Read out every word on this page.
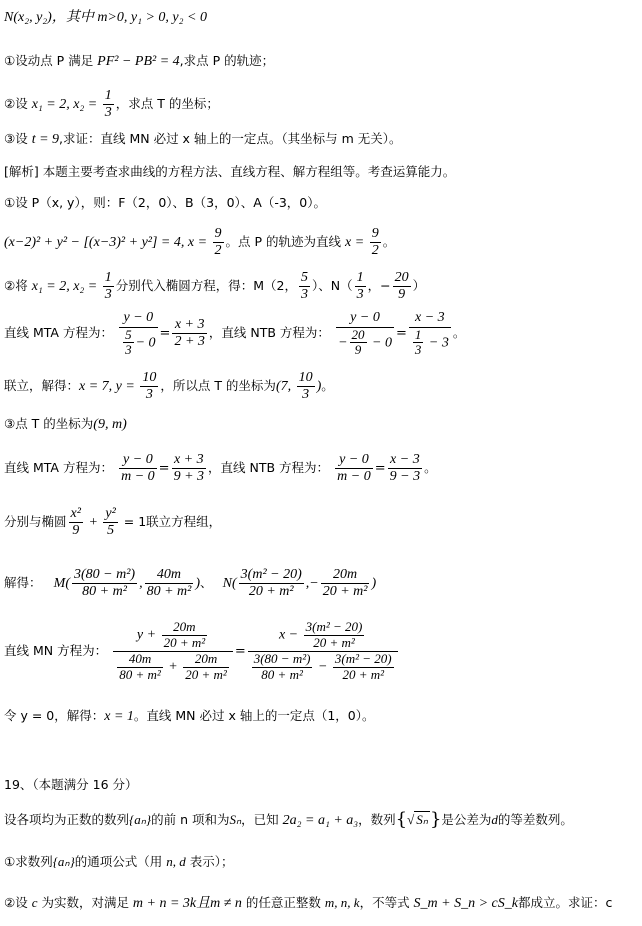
N(x₂, y₂)，其中 m>0, y₁ > 0, y₂ < 0
①设动点 P 满足 PF² − PB² = 4,求点 P 的轨迹；
②设 x₁ = 2, $x_2 = \frac{1}{3}$ ，求点 T 的坐标；
③设 t = 9,求证：直线 MN 必过 x 轴上的一定点。（其坐标与 m 无关）。
[解析] 本题主要考查求曲线的方程方法、直线方程、解方程组等。考查运算能力。
①设 P（x, y），则：F（2，0）、B（3，0）、A（-3，0）。
(x−2)² + y² − [(x−3)² + y²] = 4, $x = \frac{9}{2}$ 。点 P 的轨迹为直线 $x = \frac{9}{2}$ 。
②将 x₁ = 2, $x_2 = \frac{1}{3}$ 分别代入椭圆方程，得：M（2， $\frac{5}{3}$ ）、$N( \frac{1}{3}$ ，− $\frac{20}{9}$ ）
直线 MTA 方程为： $\frac{y - 0}{\frac{5}{3} - 0} = \frac{x + 3}{2 + 3}$ ，直线 NTB 方程为： $\frac{y - 0}{- \frac{20}{9} - 0} = \frac{x - 3}{\frac{1}{3} - 3}$ 。
联立，解得：x = 7, $y = \frac{10}{3}$ ，所以点 T 的坐标为(7, $\frac{10}{3}$ )。
③点 T 的坐标为(9, m)
直线 MTA 方程为： $\frac{y - 0}{m - 0} = \frac{x + 3}{9 + 3}$ ，直线 NTB 方程为： $\frac{y - 0}{m - 0} = \frac{x - 3}{9 - 3}$ 。
分别与椭圆 $\frac{\text{x²}}{9} + \frac{\text{y²}}{5} = 1$联立方程组，
解得： $M( \frac{\text{3(80 − m²)}}{\text{80 + m²}}$ , $\frac{40m}{\text{80 + m²}}$ )、 $N( \frac{\text{3(m² − 20)}}{\text{20 + m²}}$ ,− $\frac{20m}{\text{20 + m²}}$ )
直线 MN 方程为： $\frac{y + \frac{20m}{\text{20 + m²}}}{\frac{40m}{\text{80 + m²}} + \frac{20m}{\text{20 + m²}}} = \frac{x - \frac{\text{3(m² − 20)}}{\text{20 + m²}}}{\frac{\text{3(80 − m²)}}{\text{80 + m²}} - \frac{\text{3(m² − 20)}}{\text{20 + m²}}}$
令 y = 0，解得：x = 1。直线 MN 必过 x 轴上的一定点（1，0）。
19、（本题满分 16 分）
设各项均为正数的数列{aₙ}的前 n 项和为Sₙ，已知 2a₂ = a₁ + a₃，数列{√ Sₙ }是公差为d的等差数列。
①求数列{aₙ}的通项公式（用 n, d 表示）；
②设 c 为实数，对满足 m + n = 3k且m ≠ n 的任意正整数 m, n, k，不等式 S_m + S_n > cS_k都成立。求证：c
